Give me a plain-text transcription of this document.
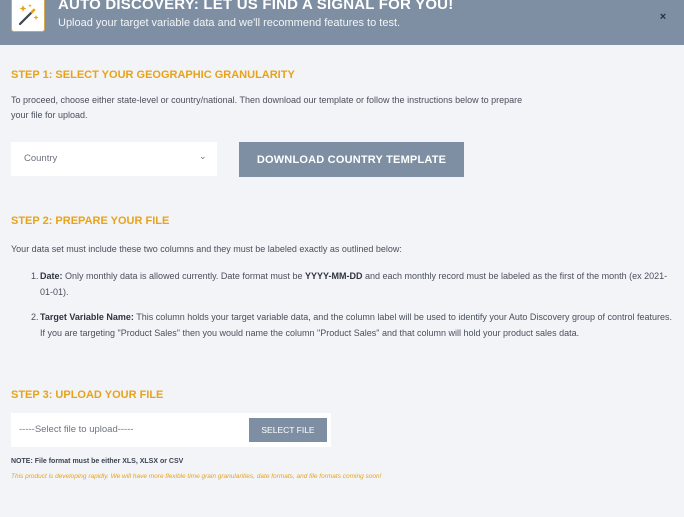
AUTO DISCOVERY: LET US FIND A SIGNAL FOR YOU!
Upload your target variable data and we'll recommend features to test.	×
STEP 1: SELECT YOUR GEOGRAPHIC GRANULARITY
To proceed, choose either state-level or country/national. Then download our template or follow the instructions below to prepare your file for upload.
Country	⌄	DOWNLOAD COUNTRY TEMPLATE
STEP 2: PREPARE YOUR FILE
Your data set must include these two columns and they must be labeled exactly as outlined below:
1. Date: Only monthly data is allowed currently. Date format must be YYYY-MM-DD and each monthly record must be labeled as the first of the month (ex 2021-01-01).
2. Target Variable Name: This column holds your target variable data, and the column label will be used to identify your Auto Discovery group of control features. If you are targeting "Product Sales" then you would name the column "Product Sales" and that column will hold your product sales data.
STEP 3: UPLOAD YOUR FILE
-----Select file to upload-----	SELECT FILE
NOTE: File format must be either XLS, XLSX or CSV
This product is developing rapidly. We will have more flexible time grain granularities, date formats, and file formats coming soon!
